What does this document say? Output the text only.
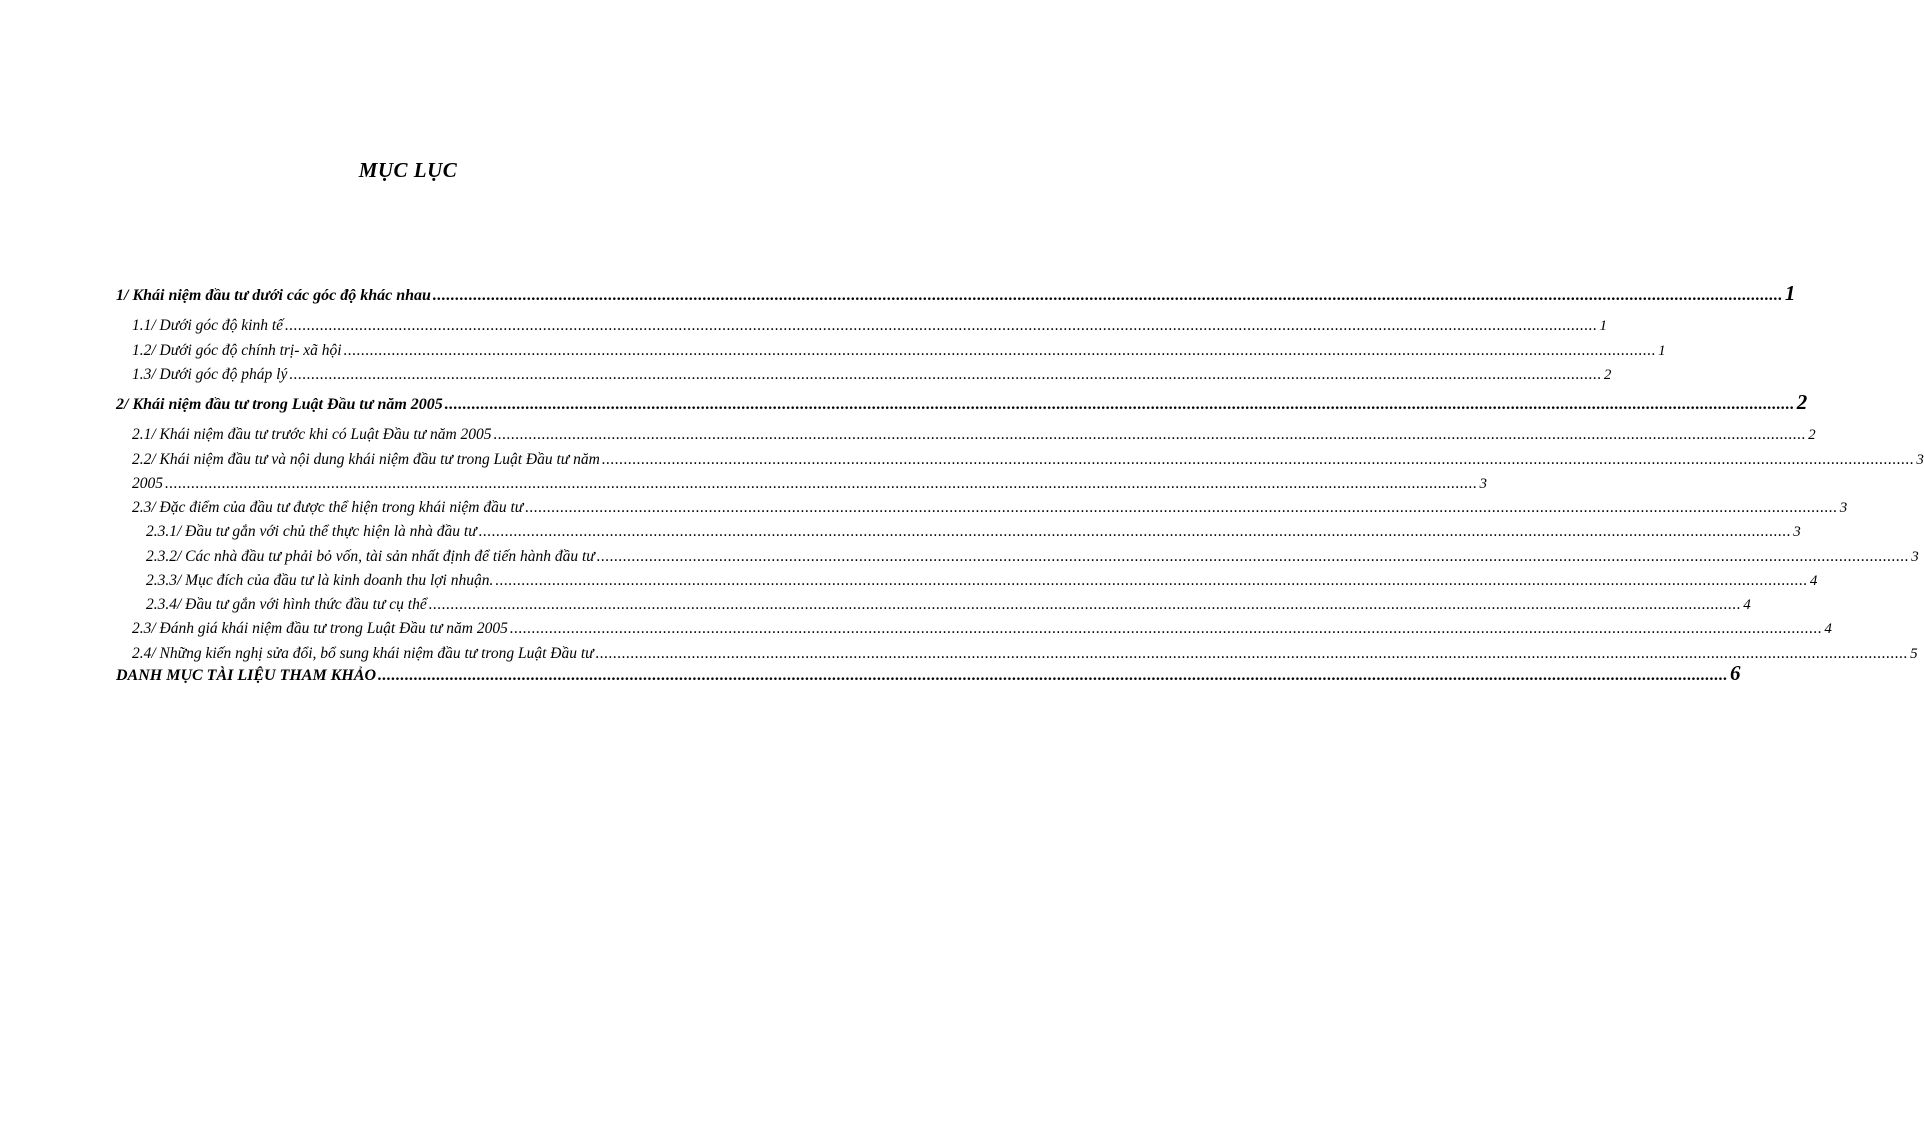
MỤC LỤC
1/ Khái niệm đầu tư dưới các góc độ khác nhau ............................................................................................................................................................................................................................................................................................................ 1
1.1/ Dưới góc độ kinh tế ............................................................................................................................................................................................................................................................................................................ 1
1.2/ Dưới góc độ chính trị- xã hội ............................................................................................................................................................................................................................................................................................................ 1
1.3/ Dưới góc độ pháp lý ............................................................................................................................................................................................................................................................................................................ 2
2/ Khái niệm đầu tư trong Luật Đầu tư năm 2005 ............................................................................................................................................................................................................................................................................................................ 2
2.1/ Khái niệm đầu tư trước khi có Luật Đầu tư năm 2005 ............................................................................................................................................................................................................................................................................................................ 2
2.2/ Khái niệm đầu tư và nội dung khái niệm đầu tư trong Luật Đầu tư năm ............................................................................................................................................................................................................................................................................................................ 3
2005 ............................................................................................................................................................................................................................................................................................................ 3
2.3/ Đặc điểm của đầu tư được thể hiện trong khái niệm đầu tư ............................................................................................................................................................................................................................................................................................................ 3
2.3.1/ Đầu tư gắn với chủ thể thực hiện là nhà đầu tư ............................................................................................................................................................................................................................................................................................................ 3
2.3.2/ Các nhà đầu tư phải bỏ vốn, tài sản nhất định để tiến hành đầu tư ............................................................................................................................................................................................................................................................................................................ 3
2.3.3/ Mục đích của đầu tư là kinh doanh thu lợi nhuận. ............................................................................................................................................................................................................................................................................................................ 4
2.3.4/ Đầu tư gắn với hình thức đầu tư cụ thể ............................................................................................................................................................................................................................................................................................................ 4
2.3/ Đánh giá khái niệm đầu tư trong Luật Đầu tư năm 2005 ............................................................................................................................................................................................................................................................................................................ 4
2.4/ Những kiến nghị sửa đổi, bổ sung khái niệm đầu tư trong Luật Đầu tư ............................................................................................................................................................................................................................................................................................................ 5
DANH MỤC TÀI LIỆU THAM KHẢO ............................................................................................................................................................................................................................................................................................................ 6
